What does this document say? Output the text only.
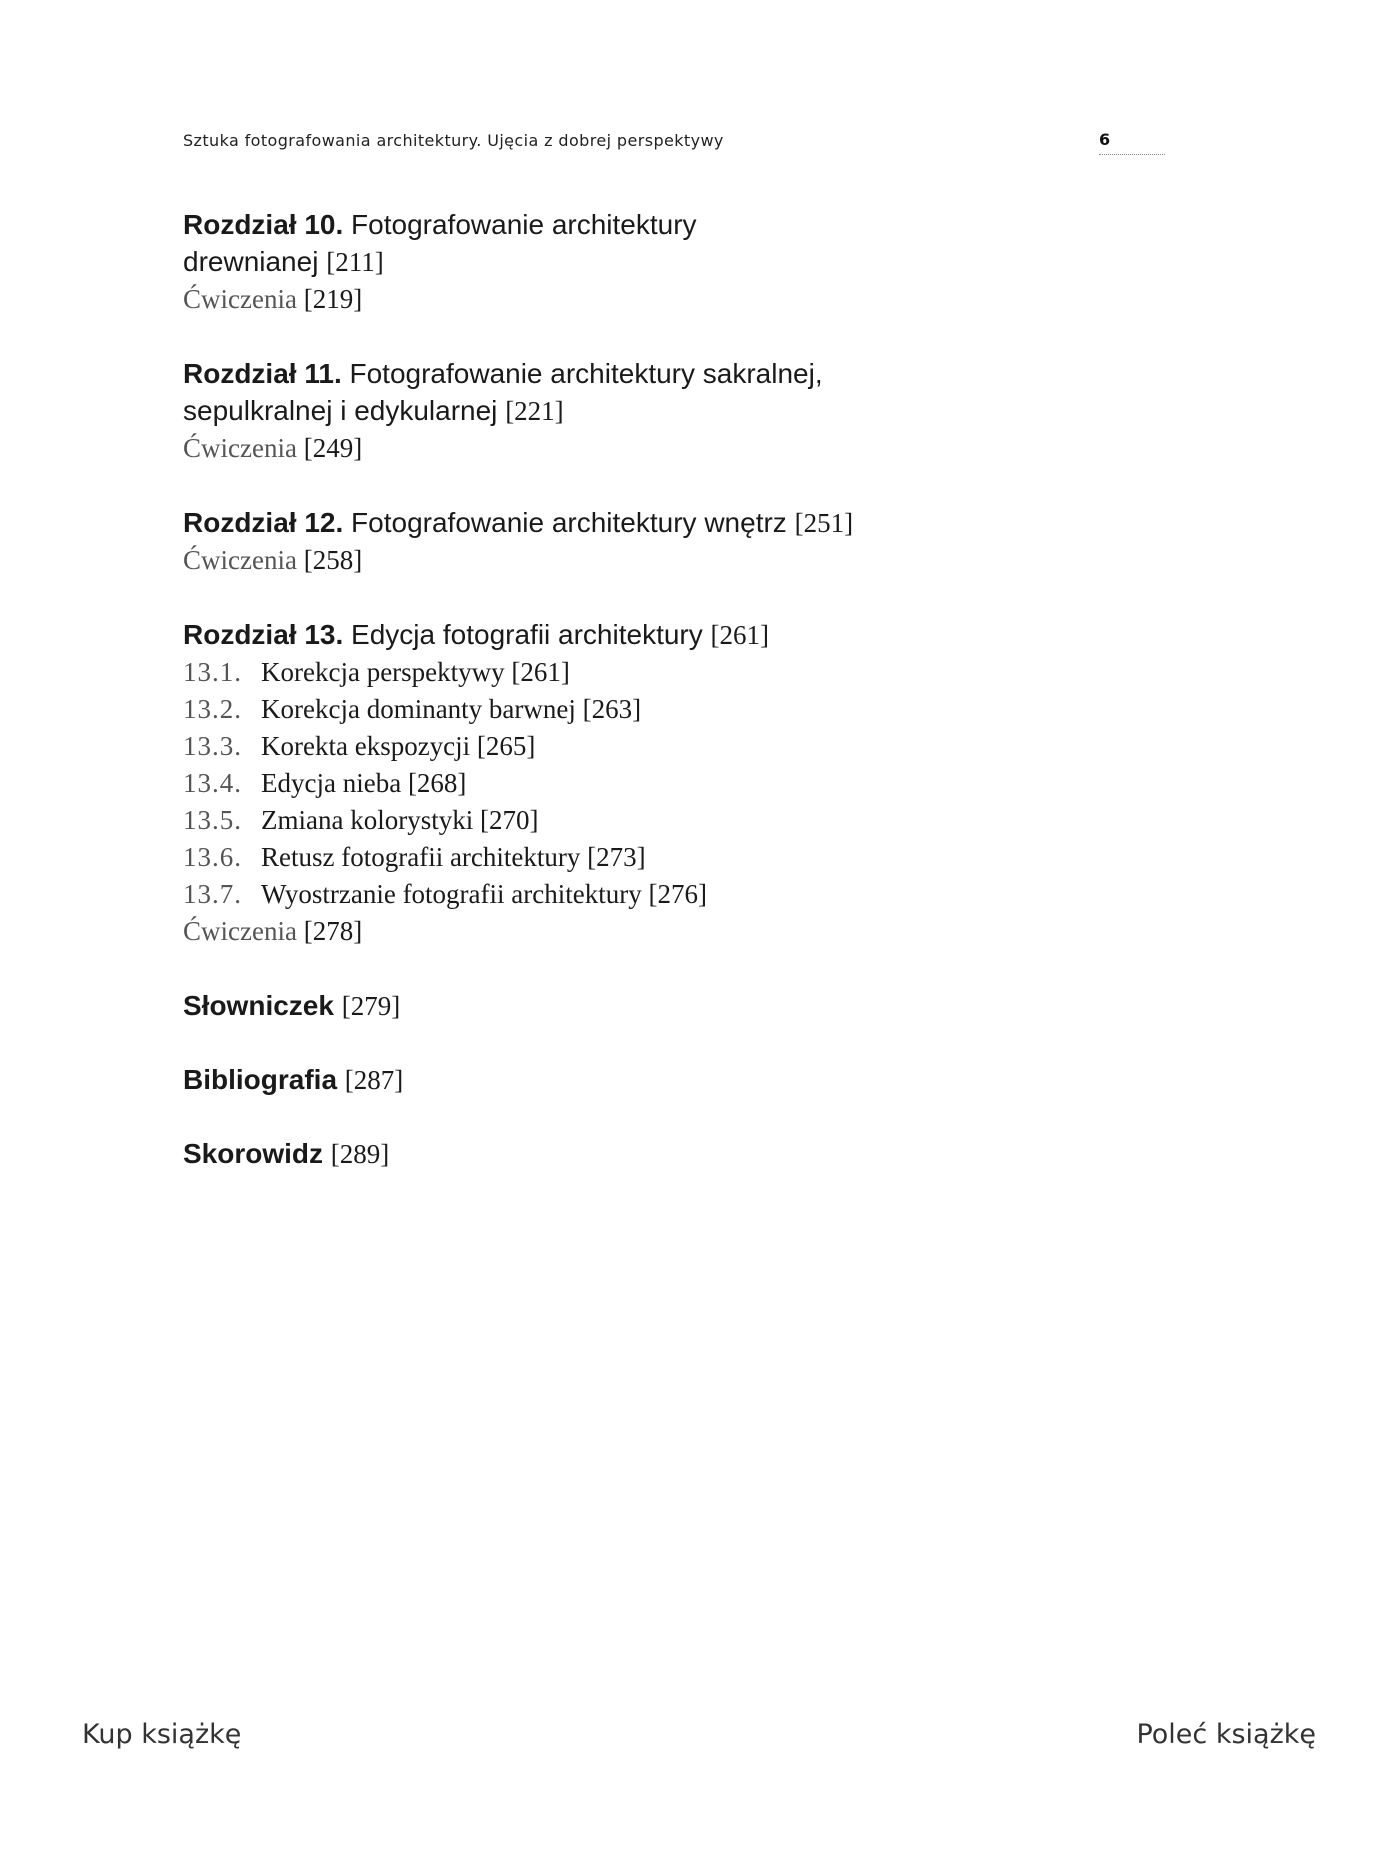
Sztuka fotografowania architektury. Ujęcia z dobrej perspektywy	6
Rozdział 10. Fotografowanie architektury
drewnianej [211]
Ćwiczenia [219]
Rozdział 11. Fotografowanie architektury sakralnej,
sepulkralnej i edykularnej [221]
Ćwiczenia [249]
Rozdział 12. Fotografowanie architektury wnętrz [251]
Ćwiczenia [258]
Rozdział 13. Edycja fotografii architektury [261]
13.1. Korekcja perspektywy [261]
13.2. Korekcja dominanty barwnej [263]
13.3. Korekta ekspozycji [265]
13.4. Edycja nieba [268]
13.5. Zmiana kolorystyki [270]
13.6. Retusz fotografii architektury [273]
13.7. Wyostrzanie fotografii architektury [276]
Ćwiczenia [278]
Słowniczek [279]
Bibliografia [287]
Skorowidz [289]
Kup książkę	Poleć książkę
